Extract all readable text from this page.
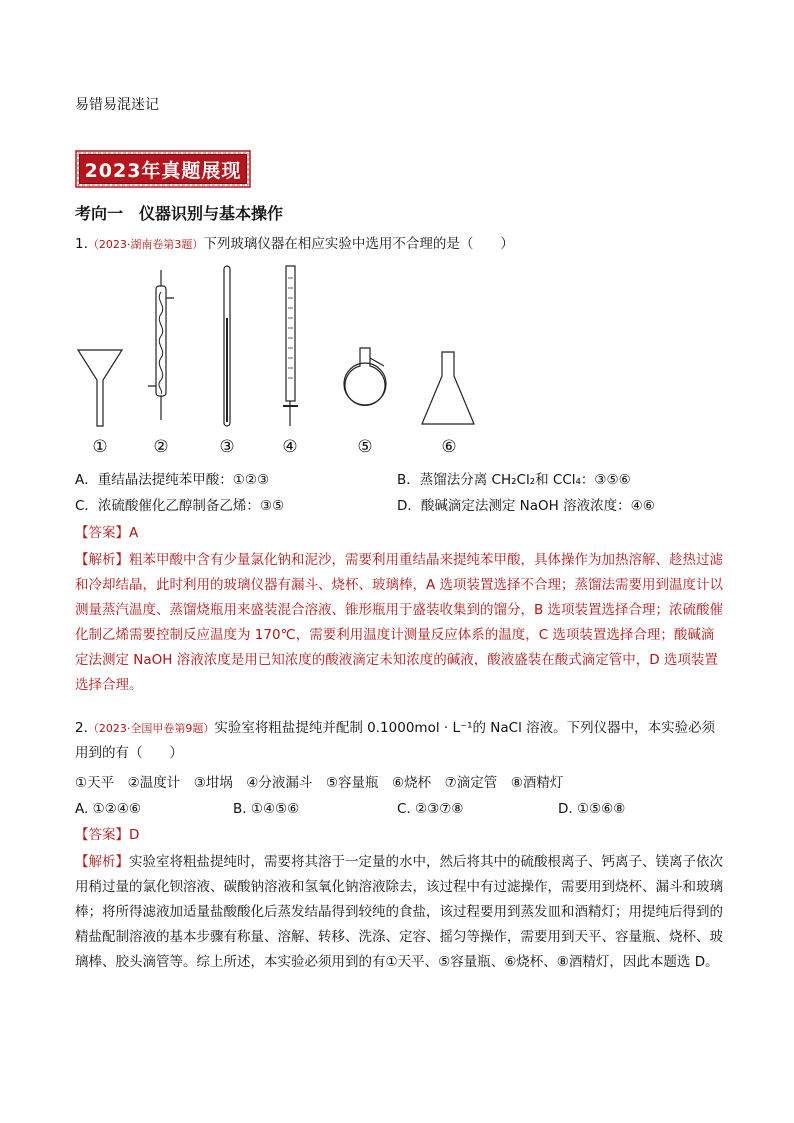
易错易混迷记
2023年真题展现
考向一　仪器识别与基本操作
1.（2023·湖南卷第3题）下列玻璃仪器在相应实验中选用不合理的是（　　）
①	②	③	④	⑤	⑥
A．重结晶法提纯苯甲酸：①②③	B．蒸馏法分离 CH₂Cl₂和 CCl₄：③⑤⑥
C．浓硫酸催化乙醇制备乙烯：③⑤	D．酸碱滴定法测定 NaOH 溶液浓度：④⑥
【答案】A
【解析】粗苯甲酸中含有少量氯化钠和泥沙，需要利用重结晶来提纯苯甲酸，具体操作为加热溶解、趁热过滤和冷却结晶，此时利用的玻璃仪器有漏斗、烧杯、玻璃棒，A 选项装置选择不合理；蒸馏法需要用到温度计以测量蒸汽温度、蒸馏烧瓶用来盛装混合溶液、锥形瓶用于盛装收集到的馏分，B 选项装置选择合理；浓硫酸催化制乙烯需要控制反应温度为 170℃，需要利用温度计测量反应体系的温度，C 选项装置选择合理；酸碱滴定法测定 NaOH 溶液浓度是用已知浓度的酸液滴定未知浓度的碱液，酸液盛装在酸式滴定管中，D 选项装置选择合理。
2.（2023·全国甲卷第9题）实验室将粗盐提纯并配制 0.1000mol · L⁻¹的 NaCl 溶液。下列仪器中，本实验必须用到的有（　　）
①天平　②温度计　③坩埚　④分液漏斗　⑤容量瓶　⑥烧杯　⑦滴定管　⑧酒精灯
A. ①②④⑥	B. ①④⑤⑥	C. ②③⑦⑧	D. ①⑤⑥⑧
【答案】D
【解析】实验室将粗盐提纯时，需要将其溶于一定量的水中，然后将其中的硫酸根离子、钙离子、镁离子依次用稍过量的氯化钡溶液、碳酸钠溶液和氢氧化钠溶液除去，该过程中有过滤操作，需要用到烧杯、漏斗和玻璃棒；将所得滤液加适量盐酸酸化后蒸发结晶得到较纯的食盐，该过程要用到蒸发皿和酒精灯；用提纯后得到的精盐配制溶液的基本步骤有称量、溶解、转移、洗涤、定容、摇匀等操作，需要用到天平、容量瓶、烧杯、玻璃棒、胶头滴管等。综上所述，本实验必须用到的有①天平、⑤容量瓶、⑥烧杯、⑧酒精灯，因此本题选 D。
